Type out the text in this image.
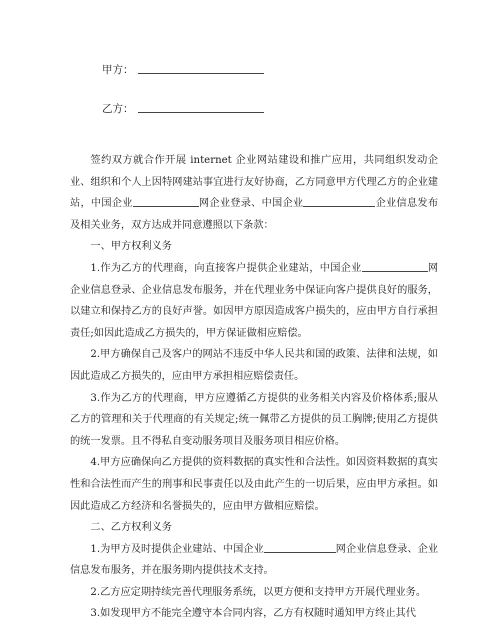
甲方：
乙方：

签约双方就合作开展 internet 企业网站建设和推广应用，共同组织发动企业、组织和个人上因特网建站事宜进行友好协商，乙方同意甲方代理乙方的企业建站，中国企业	网企业登录、中国企业	企业信息发布及相关业务，双方达成并同意遵照以下条款：

一、甲方权利义务

1.作为乙方的代理商，向直接客户提供企业建站，中国企业	网企业信息登录、企业信息发布服务，并在代理业务中保证向客户提供良好的服务，以建立和保持乙方的良好声誉。如因甲方原因造成客户损失的，应由甲方自行承担责任;如因此造成乙方损失的，甲方保证做相应赔偿。

2.甲方确保自己及客户的网站不违反中华人民共和国的政策、法律和法规，如因此造成乙方损失的，应由甲方承担相应赔偿责任。

3.作为乙方的代理商，甲方应遵循乙方提供的业务相关内容及价格体系;服从乙方的管理和关于代理商的有关规定;统一佩带乙方提供的员工胸牌;使用乙方提供的统一发票。且不得私自变动服务项目及服务项目相应价格。

4.甲方应确保向乙方提供的资料数据的真实性和合法性。如因资料数据的真实性和合法性而产生的刑事和民事责任以及由此产生的一切后果，应由甲方承担。如因此造成乙方经济和名誉损失的，应由甲方做相应赔偿。

二、乙方权利义务

1.为甲方及时提供企业建站、中国企业	网企业信息登录、企业信息发布服务，并在服务期内提供技术支持。

2.乙方应定期持续完善代理服务系统，以更方便和支持甲方开展代理业务。

3.如发现甲方不能完全遵守本合同内容，乙方有权随时通知甲方终止其代
